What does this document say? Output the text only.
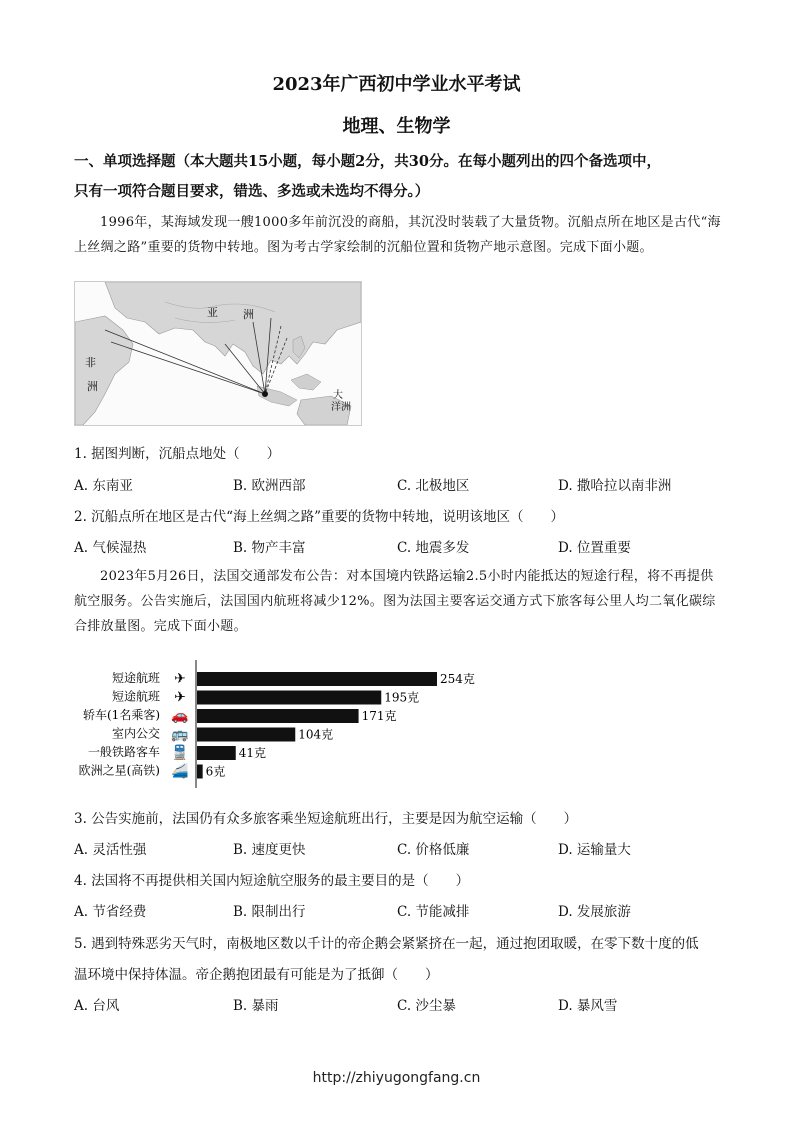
2023年广西初中学业水平考试
地理、生物学
一、单项选择题（本大题共15小题，每小题2分，共30分。在每小题列出的四个备选项中，
只有一项符合题目要求，错选、多选或未选均不得分。）
1996年，某海域发现一艘1000多年前沉没的商船，其沉没时装载了大量货物。沉船点所在地区是古代“海上丝绸之路”重要的货物中转地。图为考古学家绘制的沉船位置和货物产地示意图。完成下面小题。
亚 洲
非
洲
大
洋洲
1. 据图判断，沉船点地处（　　）
A. 东南亚	B. 欧洲西部	C. 北极地区	D. 撒哈拉以南非洲
2. 沉船点所在地区是古代“海上丝绸之路”重要的货物中转地，说明该地区（　　）
A. 气候湿热	B. 物产丰富	C. 地震多发	D. 位置重要
2023年5月26日，法国交通部发布公告：对本国境内铁路运输2.5小时内能抵达的短途行程，将不再提供航空服务。公告实施后，法国国内航班将减少12%。图为法国主要客运交通方式下旅客每公里人均二氧化碳综合排放量图。完成下面小题。
短途航班 ✈	254克
短途航班 ✈	195克
轿车(1名乘客) 🚗	171克
室内公交 🚌	104克
一般铁路客车 🚆	41克
欧洲之星(高铁) 🚄 6克
3. 公告实施前，法国仍有众多旅客乘坐短途航班出行，主要是因为航空运输（　　）
A. 灵活性强	B. 速度更快	C. 价格低廉	D. 运输量大
4. 法国将不再提供相关国内短途航空服务的最主要目的是（　　）
A. 节省经费	B. 限制出行	C. 节能减排	D. 发展旅游
5. 遇到特殊恶劣天气时，南极地区数以千计的帝企鹅会紧紧挤在一起，通过抱团取暖，在零下数十度的低
温环境中保持体温。帝企鹅抱团最有可能是为了抵御（　　）
A. 台风	B. 暴雨	C. 沙尘暴	D. 暴风雪
http://zhiyugongfang.cn
